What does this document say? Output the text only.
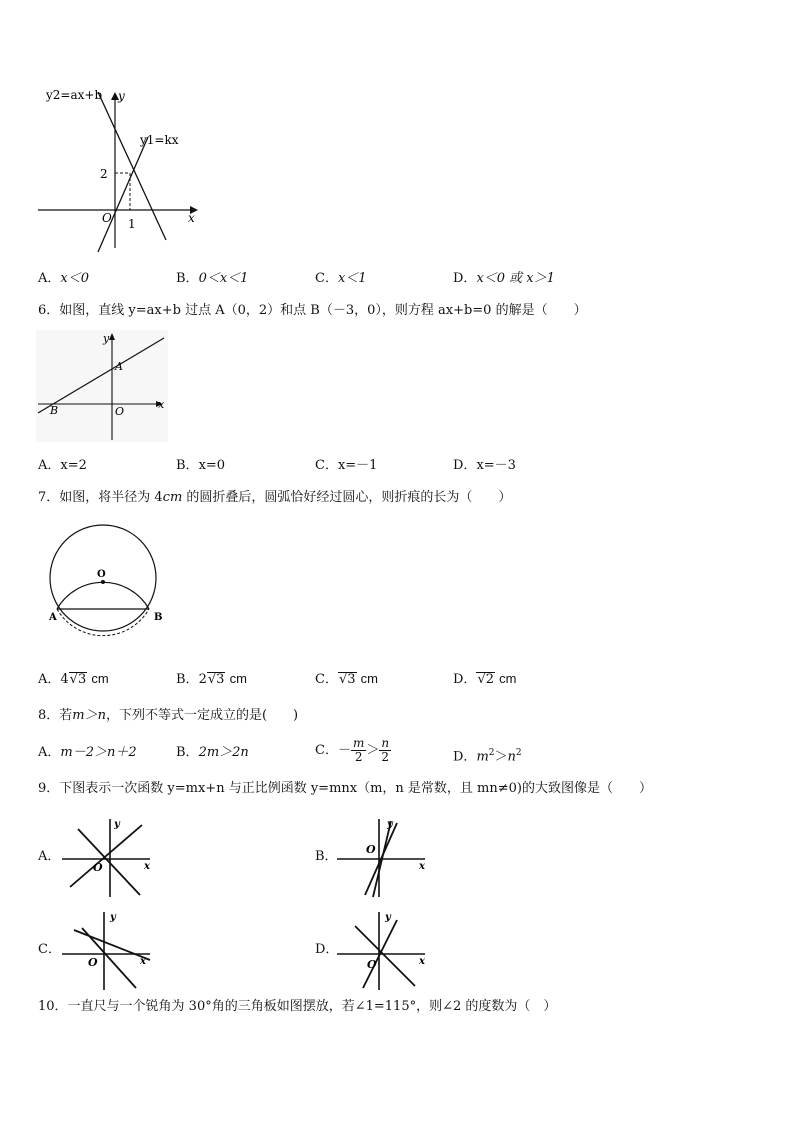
y2=ax+b y
y1=kx
2
O 1	x
A．x＜0	B．0＜x＜1	C．x＜1	D．x＜0 或 x＞1
6．如图，直线 y=ax+b 过点 A（0，2）和点 B（－3，0），则方程 ax+b=0 的解是（　　）
y
x
A
B	O
A．x=2	B．x=0	C．x=－1	D．x=－3
7．如图，将半径为 4cm 的圆折叠后，圆弧恰好经过圆心，则折痕的长为（　　）
O
A	B
A．4√3 cm	B．2√3 cm	C．√3 cm	D．√2 cm
8．若m＞n，下列不等式一定成立的是(　　)
A．m－2＞n＋2	B．2m＞2n	C．－ $\frac{m}{2} > \frac{n}{2}$	D．$m^2>n^2$
9．下图表示一次函数 y=mx+n 与正比例函数 y=mnx（m，n 是常数，且 mn≠0)的大致图像是（　　）
A．
y
x
O
B．
y
x
O
C．
y
x
O
D．
y
x
O
10．一直尺与一个锐角为 30°角的三角板如图摆放，若∠1=115°，则∠2 的度数为（　）
